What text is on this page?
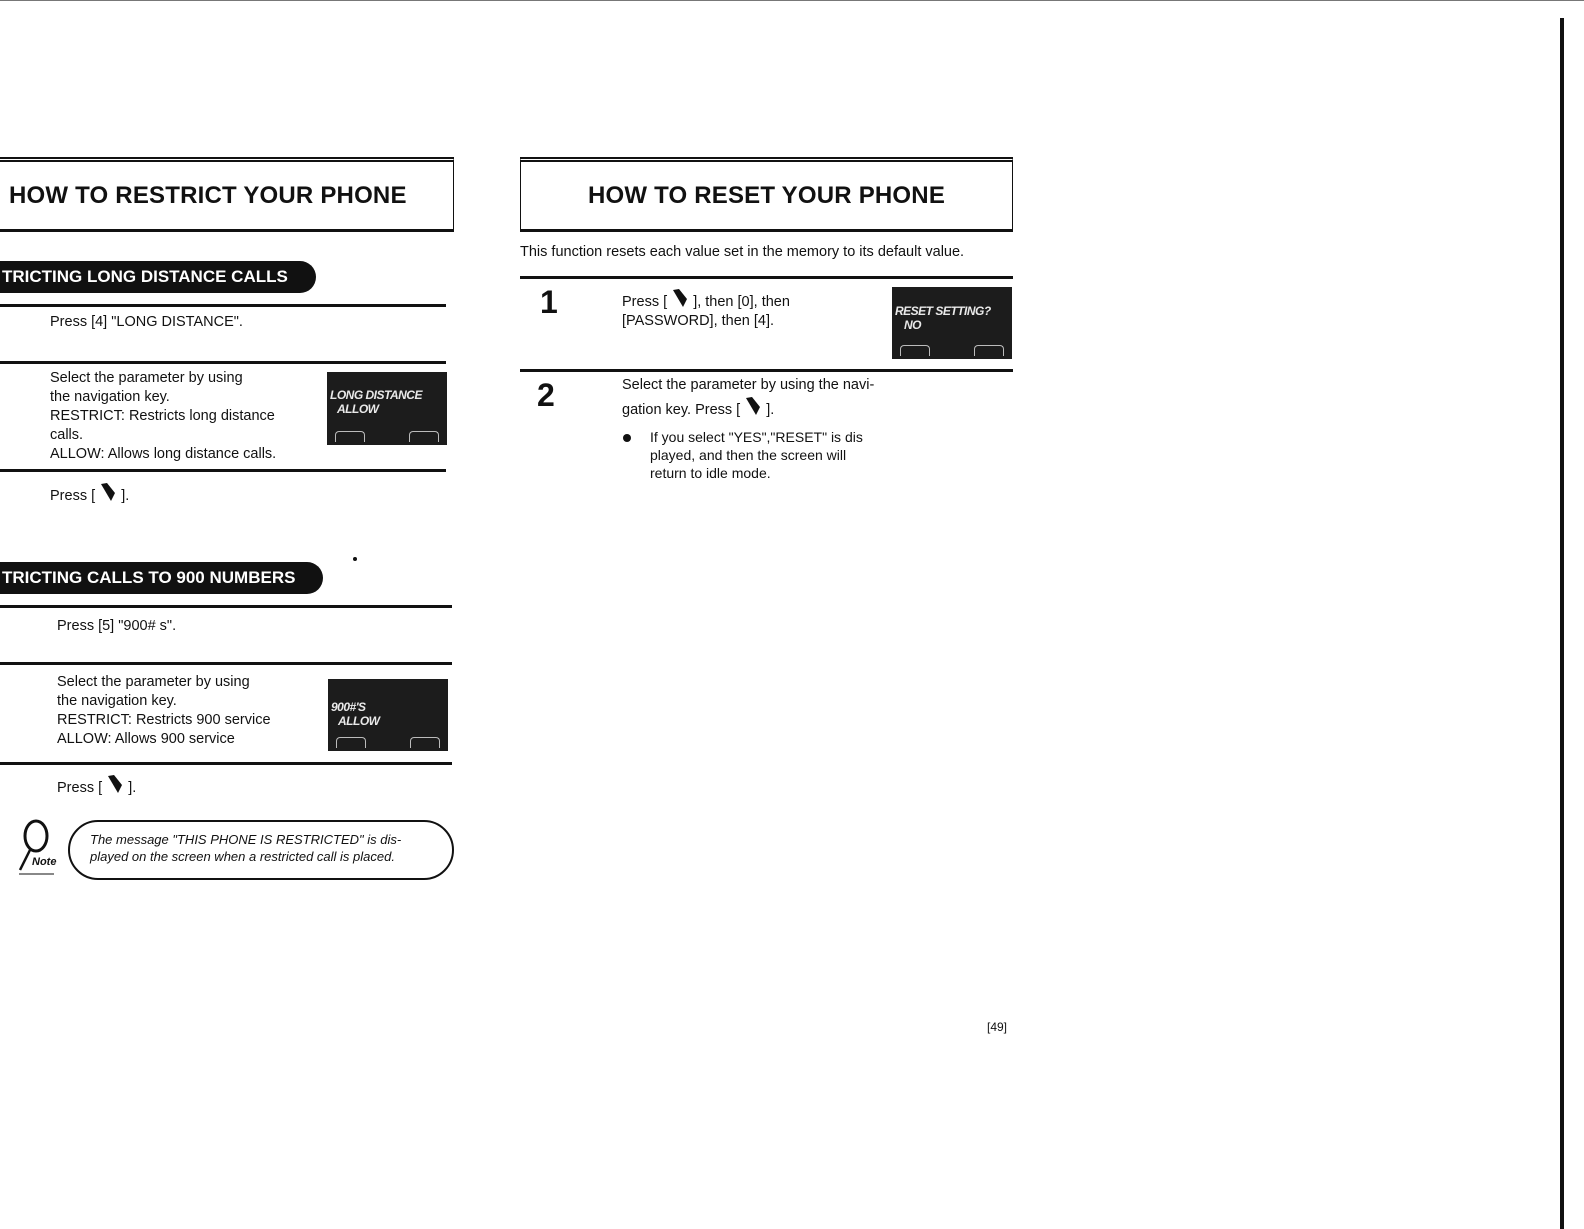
HOW TO RESTRICT YOUR PHONE
TRICTING LONG DISTANCE CALLS
Press [4] "LONG DISTANCE".
Select the parameter by using
the navigation key.
RESTRICT: Restricts long distance
calls.
ALLOW: Allows long distance calls.
LONG DISTANCE
ALLOW
Press [ ].
TRICTING CALLS TO 900 NUMBERS
Press [5] "900# s".
Select the parameter by using
the navigation key.
RESTRICT: Restricts 900 service
ALLOW: Allows 900 service
900#'S
ALLOW
Press [ ].
Note
The message "THIS PHONE IS RESTRICTED" is dis-
played on the screen when a restricted call is placed.
HOW TO RESET YOUR PHONE
This function resets each value set in the memory to its default value.
1	Press [ ], then [0], then
[PASSWORD], then [4].
RESET SETTING?
NO
2	Select the parameter by using the navi-
gation key. Press [ ].
If you select "YES","RESET" is dis
played, and then the screen will
return to idle mode.
[49]
